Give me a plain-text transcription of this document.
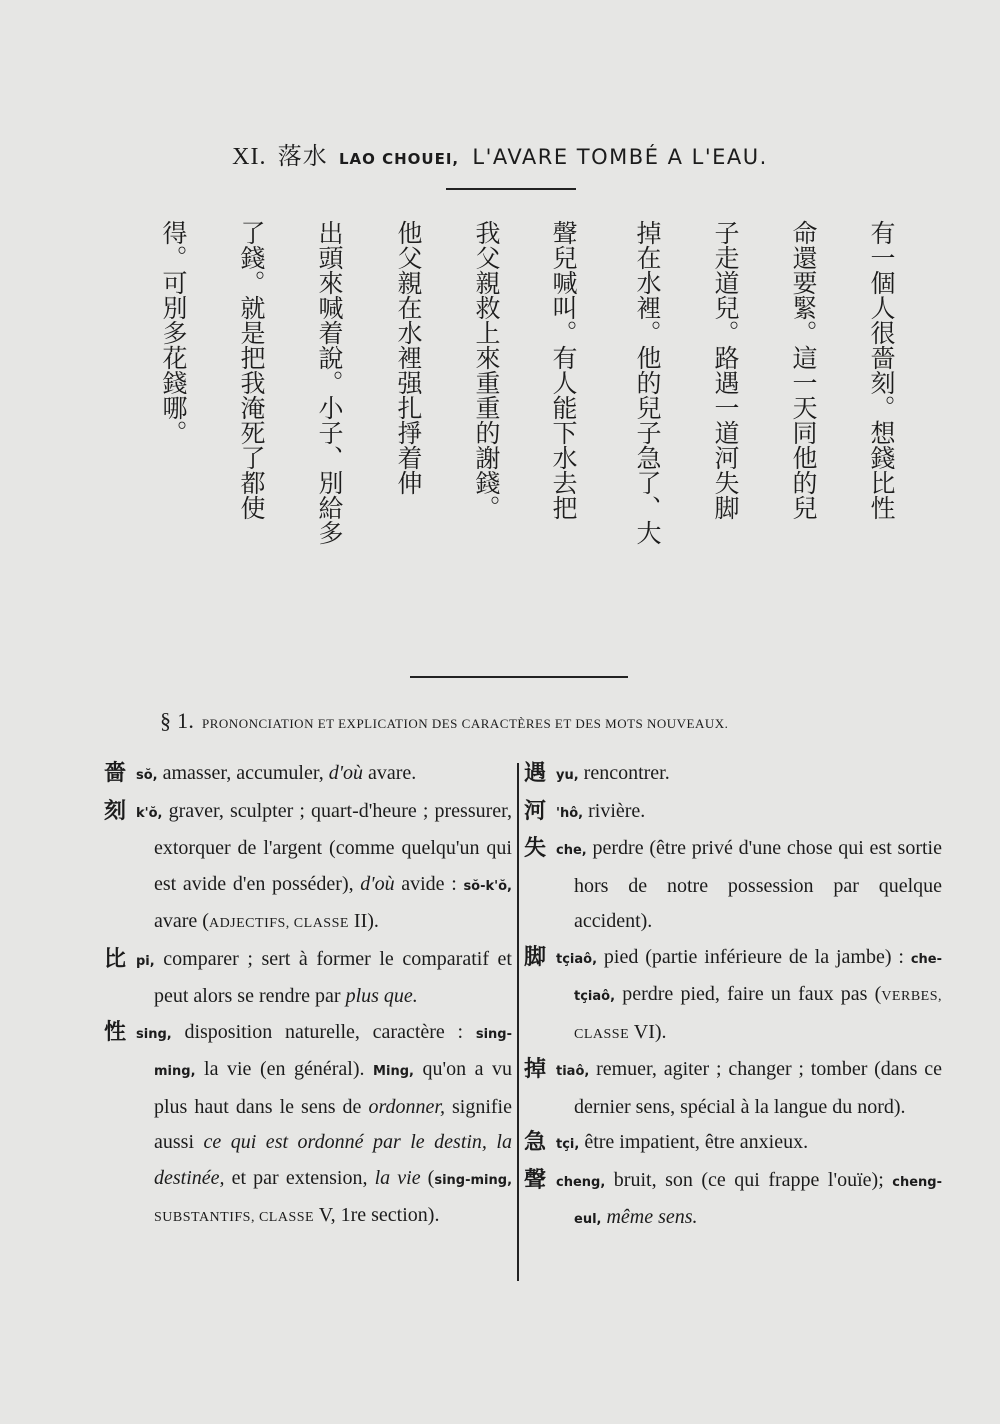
XI. 落水 LAO CHOUEI, L'AVARE TOMBÉ A L'EAU.
有一個人很嗇刻。想錢比性
命還要緊。這一天同他的兒
子走道兒。路遇一道河失脚
掉在水裡。他的兒子急了、大
聲兒喊叫。有人能下水去把
我父親救上來重重的謝錢。
他父親在水裡强扎掙着伸
出頭來喊着說。小子、別給多
了錢。就是把我淹死了都使
得。可別多花錢哪。
§ 1. PRONONCIATION ET EXPLICATION DES CARACTÈRES ET DES MOTS NOUVEAUX.
嗇 sŏ, amasser, accumuler, d'où avare.
刻 k'ŏ, graver, sculpter ; quart-d'heure ; pressurer, extorquer de l'argent (comme quelqu'un qui est avide d'en posséder), d'où avide : sŏ-k'ŏ, avare (ADJECTIFS, CLASSE II).
比 pi, comparer ; sert à former le comparatif et peut alors se rendre par plus que.
性 sing, disposition naturelle, caractère : sing-ming, la vie (en général). Ming, qu'on a vu plus haut dans le sens de ordonner, signifie aussi ce qui est ordonné par le destin, la destinée, et par extension, la vie (sing-ming, SUBSTANTIFS, CLASSE V, 1re section).
遇 yu, rencontrer.
河 'hô, rivière.
失 che, perdre (être privé d'une chose qui est sortie hors de notre possession par quelque accident).
脚 tçiaô, pied (partie inférieure de la jambe) : che-tçiaô, perdre pied, faire un faux pas (VERBES, CLASSE VI).
掉 tiaô, remuer, agiter ; changer ; tomber (dans ce dernier sens, spécial à la langue du nord).
急 tçi, être impatient, être anxieux.
聲 cheng, bruit, son (ce qui frappe l'ouïe); cheng-eul, même sens.
